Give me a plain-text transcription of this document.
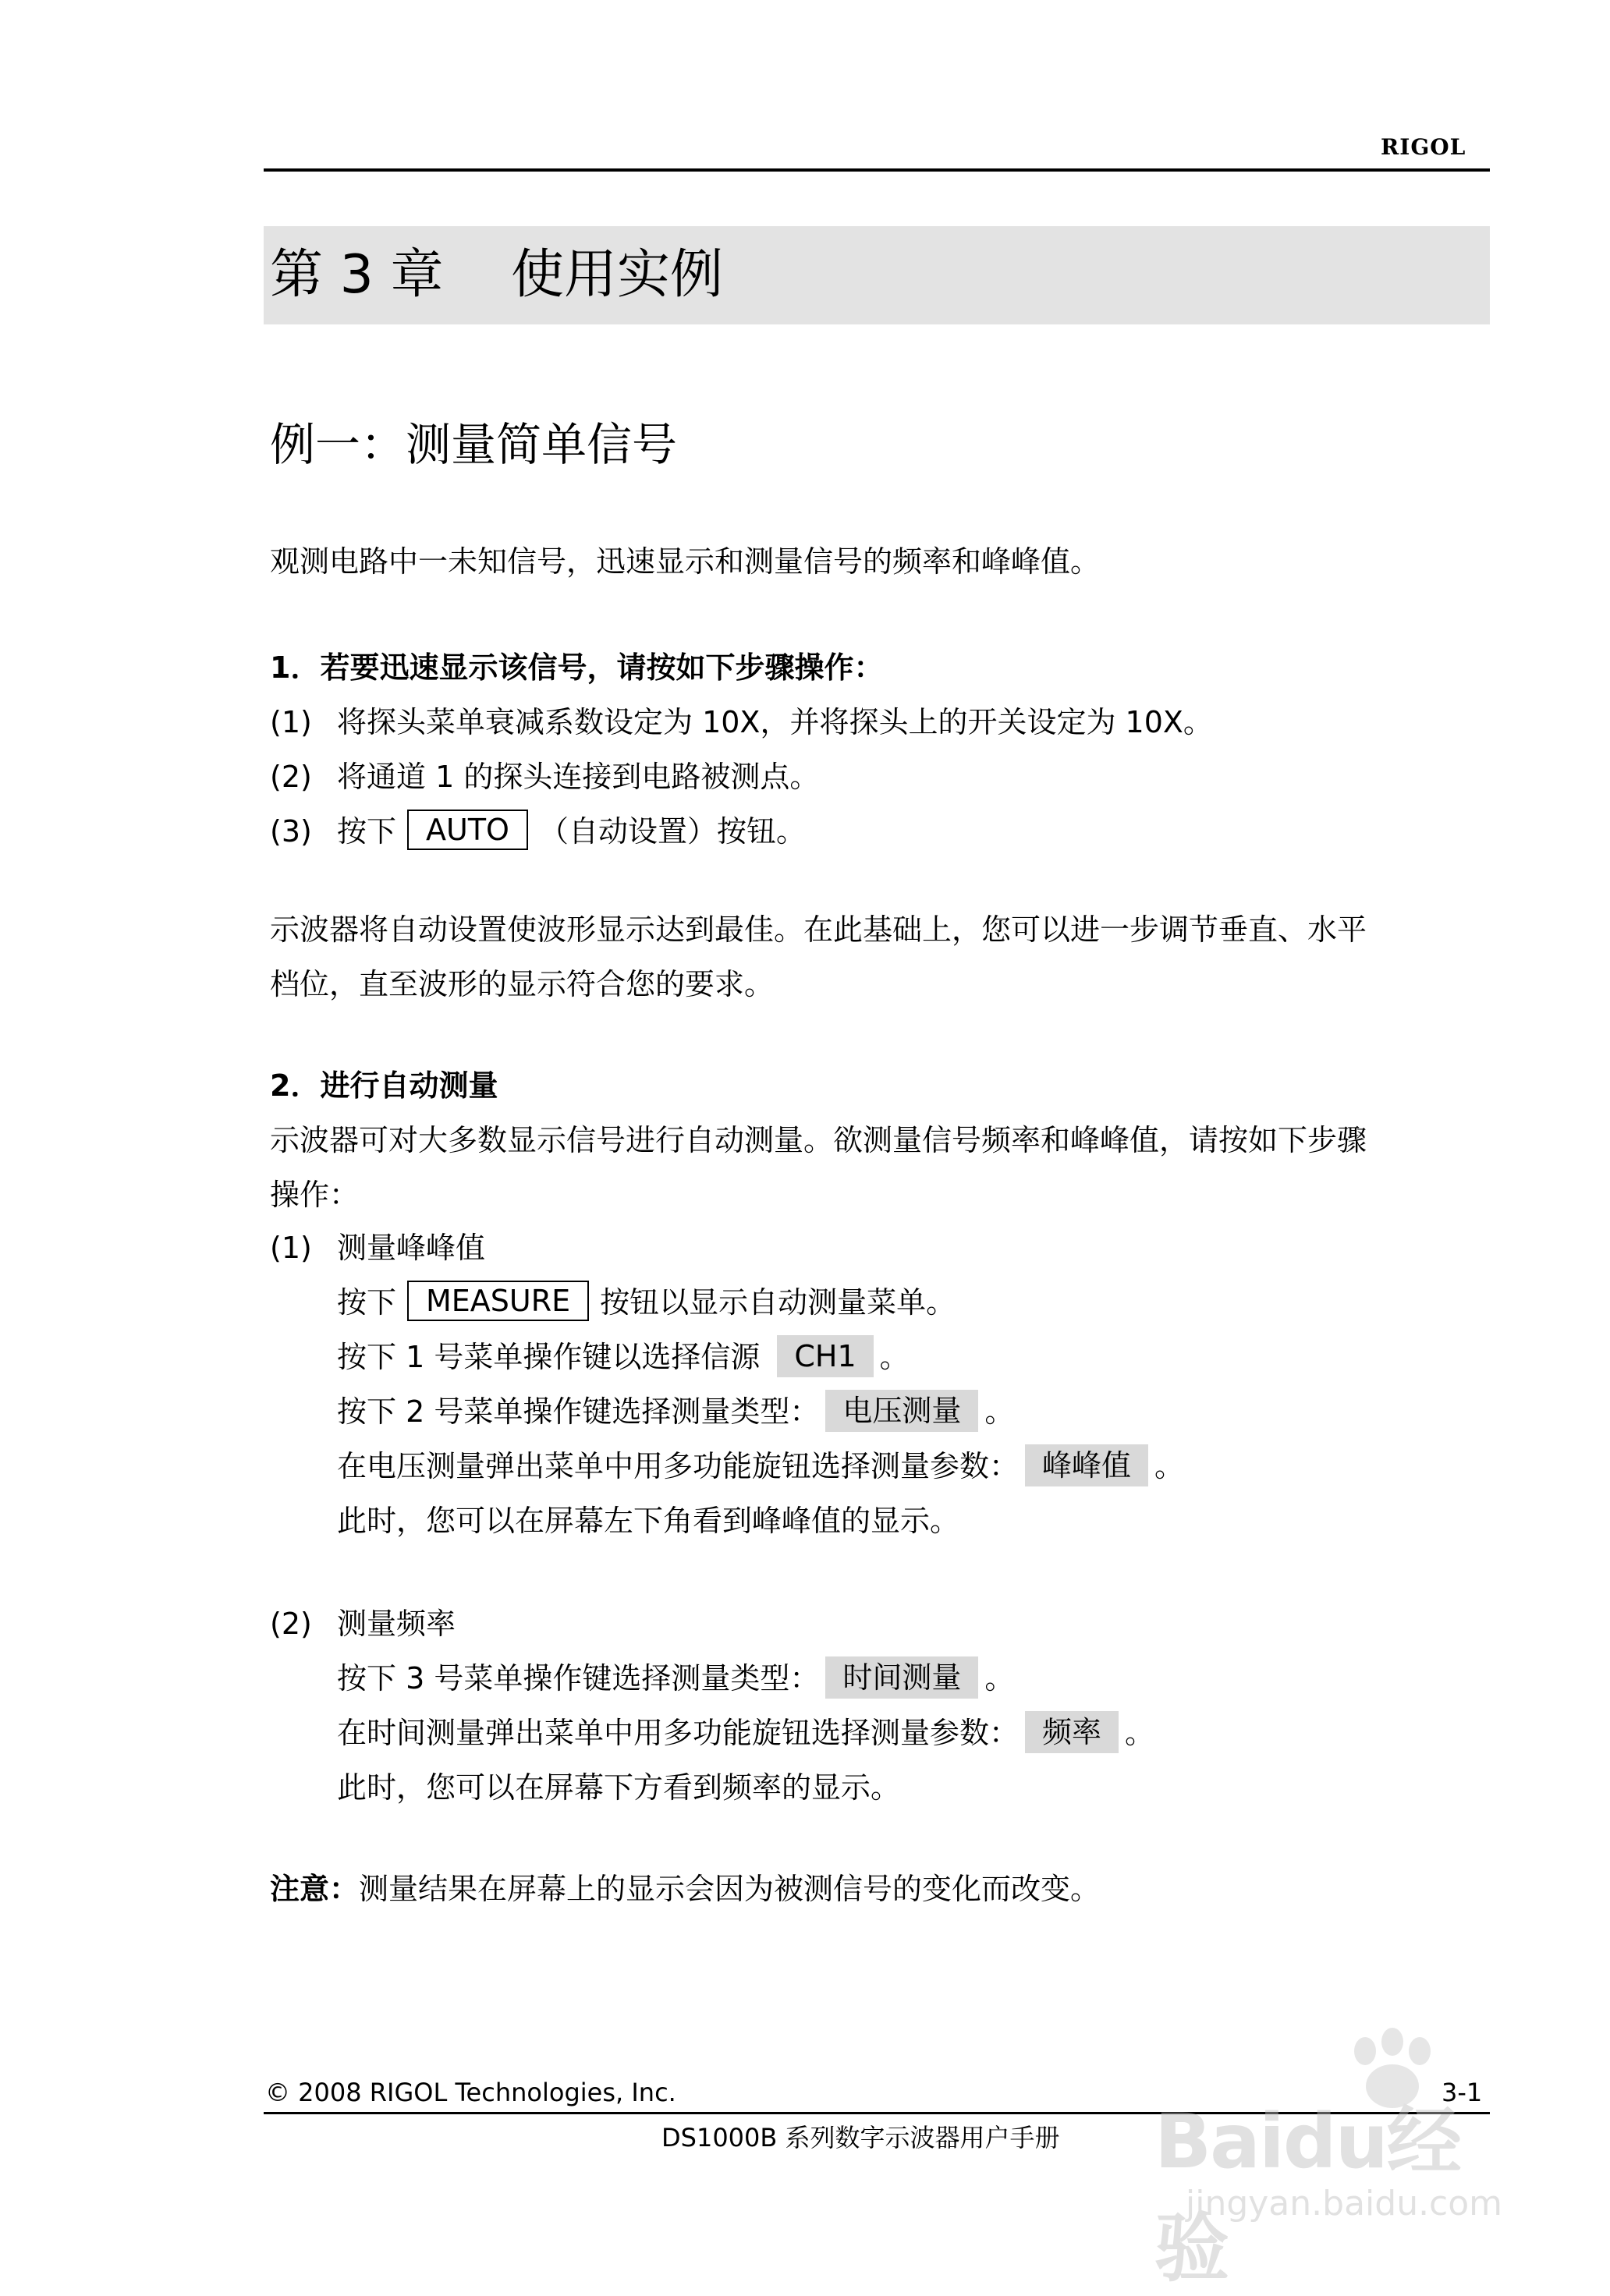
RIGOL
第 3 章    使用实例
例一：测量简单信号
观测电路中一未知信号，迅速显示和测量信号的频率和峰峰值。
1．若要迅速显示该信号，请按如下步骤操作：
(1) 将探头菜单衰减系数设定为 10X，并将探头上的开关设定为 10X。
(2) 将通道 1 的探头连接到电路被测点。
(3) 按下 AUTO （自动设置）按钮。
示波器将自动设置使波形显示达到最佳。在此基础上，您可以进一步调节垂直、水平
档位，直至波形的显示符合您的要求。
2．进行自动测量
示波器可对大多数显示信号进行自动测量。欲测量信号频率和峰峰值，请按如下步骤
操作：
(1) 测量峰峰值
按下 MEASURE 按钮以显示自动测量菜单。
按下 1 号菜单操作键以选择信源 CH1 。
按下 2 号菜单操作键选择测量类型： 电压测量 。
在电压测量弹出菜单中用多功能旋钮选择测量参数： 峰峰值 。
此时，您可以在屏幕左下角看到峰峰值的显示。
(2) 测量频率
按下 3 号菜单操作键选择测量类型： 时间测量 。
在时间测量弹出菜单中用多功能旋钮选择测量参数： 频率 。
此时，您可以在屏幕下方看到频率的显示。
注意：测量结果在屏幕上的显示会因为被测信号的变化而改变。
© 2008 RIGOL Technologies, Inc.	3-1
DS1000B 系列数字示波器用户手册 Baidu经验
jingyan.baidu.com
